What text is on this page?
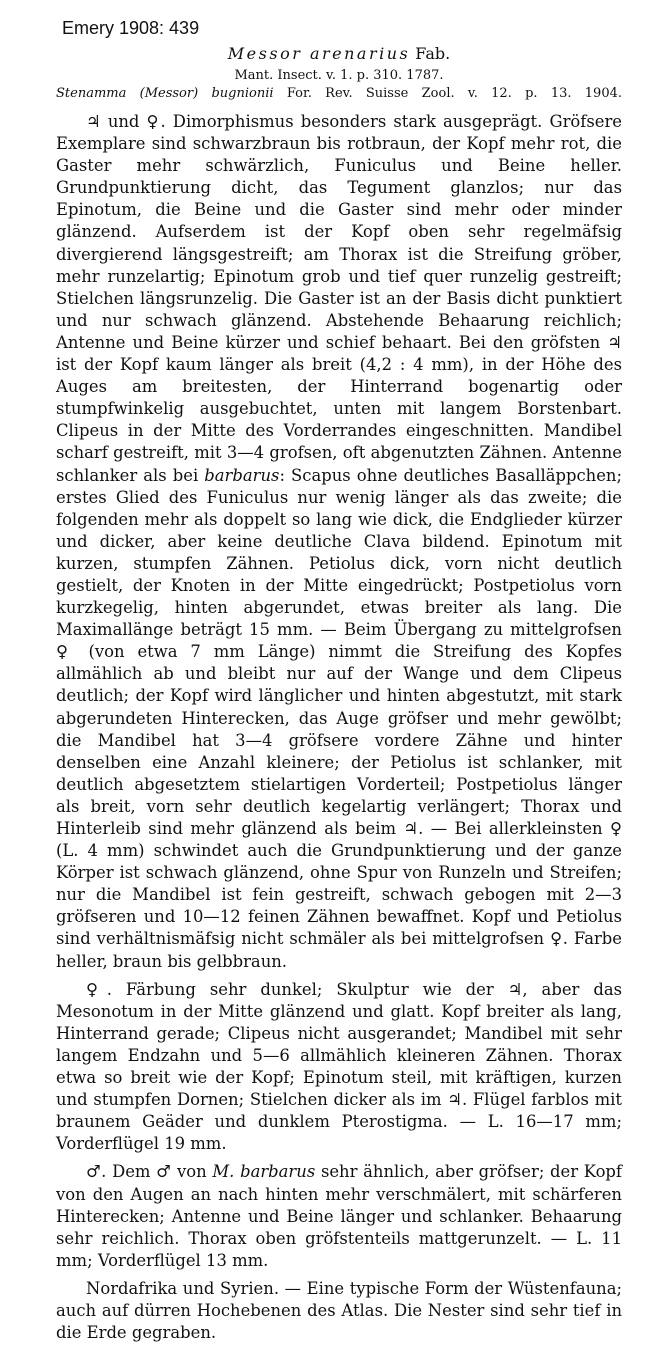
Emery 1908: 439
Messor arenarius Fab.
Mant. Insect. v. 1. p. 310. 1787.
Stenamma (Messor) bugnionii For. Rev. Suisse Zool. v. 12. p. 13. 1904.

♃ und ♀. Dimorphismus besonders stark ausgeprägt. Gröfsere Exemplare sind schwarzbraun bis rotbraun, der Kopf mehr rot, die Gaster mehr schwärzlich, Funiculus und Beine heller. Grundpunktierung dicht, das Tegument glanzlos; nur das Epinotum, die Beine und die Gaster sind mehr oder minder glänzend. Aufserdem ist der Kopf oben sehr regelmäfsig divergierend längsgestreift; am Thorax ist die Streifung gröber, mehr runzelartig; Epinotum grob und tief quer runzelig gestreift; Stielchen längsrunzelig. Die Gaster ist an der Basis dicht punktiert und nur schwach glänzend. Abstehende Behaarung reichlich; Antenne und Beine kürzer und schief behaart. Bei den gröfsten ♃ ist der Kopf kaum länger als breit (4,2 : 4 mm), in der Höhe des Auges am breitesten, der Hinterrand bogenartig oder stumpfwinkelig ausgebuchtet, unten mit langem Borstenbart. Clipeus in der Mitte des Vorderrandes eingeschnitten. Mandibel scharf gestreift, mit 3—4 grofsen, oft abgenutzten Zähnen. Antenne schlanker als bei barbarus: Scapus ohne deutliches Basalläppchen; erstes Glied des Funiculus nur wenig länger als das zweite; die folgenden mehr als doppelt so lang wie dick, die Endglieder kürzer und dicker, aber keine deutliche Clava bildend. Epinotum mit kurzen, stumpfen Zähnen. Petiolus dick, vorn nicht deutlich gestielt, der Knoten in der Mitte eingedrückt; Postpetiolus vorn kurzkegelig, hinten abgerundet, etwas breiter als lang. Die Maximallänge beträgt 15 mm. — Beim Übergang zu mittelgrofsen ♀ (von etwa 7 mm Länge) nimmt die Streifung des Kopfes allmählich ab und bleibt nur auf der Wange und dem Clipeus deutlich; der Kopf wird länglicher und hinten abgestutzt, mit stark abgerundeten Hinterecken, das Auge gröfser und mehr gewölbt; die Mandibel hat 3—4 gröfsere vordere Zähne und hinter denselben eine Anzahl kleinere; der Petiolus ist schlanker, mit deutlich abgesetztem stielartigen Vorderteil; Postpetiolus länger als breit, vorn sehr deutlich kegelartig verlängert; Thorax und Hinterleib sind mehr glänzend als beim ♃. — Bei allerkleinsten ♀ (L. 4 mm) schwindet auch die Grundpunktierung und der ganze Körper ist schwach glänzend, ohne Spur von Runzeln und Streifen; nur die Mandibel ist fein gestreift, schwach gebogen mit 2—3 gröfseren und 10—12 feinen Zähnen bewaffnet. Kopf und Petiolus sind verhältnismäfsig nicht schmäler als bei mittelgrofsen ♀. Farbe heller, braun bis gelbbraun.

♀. Färbung sehr dunkel; Skulptur wie der ♃, aber das Mesonotum in der Mitte glänzend und glatt. Kopf breiter als lang, Hinterrand gerade; Clipeus nicht ausgerandet; Mandibel mit sehr langem Endzahn und 5—6 allmählich kleineren Zähnen. Thorax etwa so breit wie der Kopf; Epinotum steil, mit kräftigen, kurzen und stumpfen Dornen; Stielchen dicker als im ♃. Flügel farblos mit braunem Geäder und dunklem Pterostigma. — L. 16—17 mm; Vorderflügel 19 mm.

♂. Dem ♂ von M. barbarus sehr ähnlich, aber gröfser; der Kopf von den Augen an nach hinten mehr verschmälert, mit schärferen Hinterecken; Antenne und Beine länger und schlanker. Behaarung sehr reichlich. Thorax oben gröfstenteils mattgerunzelt. — L. 11 mm; Vorderflügel 13 mm.

Nordafrika und Syrien. — Eine typische Form der Wüstenfauna; auch auf dürren Hochebenen des Atlas. Die Nester sind sehr tief in die Erde gegraben.
